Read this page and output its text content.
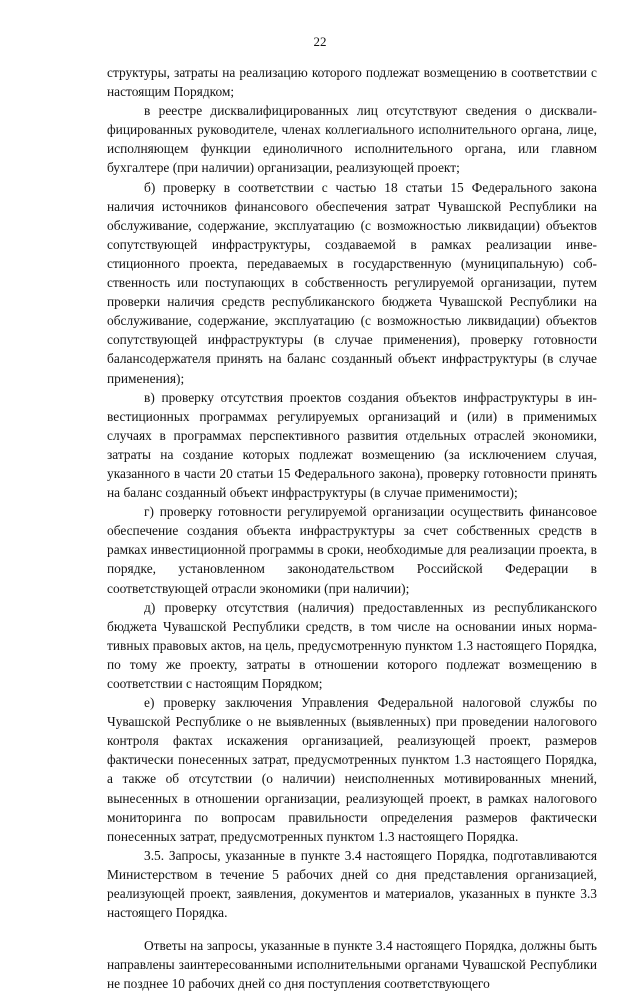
22

структуры, затраты на реализацию которого подлежат возмещению в соответствии с настоящим Порядком;

в реестре дисквалифицированных лиц отсутствуют сведения о дисквалифицированных руководителе, членах коллегиального исполнительного органа, лице, исполняющем функции единоличного исполнительного органа, или главном бухгалтере (при наличии) организации, реализующей проект;

б) проверку в соответствии с частью 18 статьи 15 Федерального закона наличия источников финансового обеспечения затрат Чувашской Республики на обслуживание, содержание, эксплуатацию (с возможностью ликвидации) объектов сопутствующей инфраструктуры, создаваемой в рамках реализации инвестиционного проекта, передаваемых в государственную (муниципальную) собственность или поступающих в собственность регулируемой организации, путем проверки наличия средств республиканского бюджета Чувашской Республики на обслуживание, содержание, эксплуатацию (с возможностью ликвидации) объектов сопутствующей инфраструктуры (в случае применения), проверку готовности балансодержателя принять на баланс созданный объект инфраструктуры (в случае применения);

в) проверку отсутствия проектов создания объектов инфраструктуры в инвестиционных программах регулируемых организаций и (или) в применимых случаях в программах перспективного развития отдельных отраслей экономики, затраты на создание которых подлежат возмещению (за исключением случая, указанного в части 20 статьи 15 Федерального закона), проверку готовности принять на баланс созданный объект инфраструктуры (в случае применимости);

г) проверку готовности регулируемой организации осуществить финансовое обеспечение создания объекта инфраструктуры за счет собственных средств в рамках инвестиционной программы в сроки, необходимые для реализации проекта, в порядке, установленном законодательством Российской Федерации в соответствующей отрасли экономики (при наличии);

д) проверку отсутствия (наличия) предоставленных из республиканского бюджета Чувашской Республики средств, в том числе на основании иных нормативных правовых актов, на цель, предусмотренную пунктом 1.3 настоящего Порядка, по тому же проекту, затраты в отношении которого подлежат возмещению в соответствии с настоящим Порядком;

е) проверку заключения Управления Федеральной налоговой службы по Чувашской Республике о не выявленных (выявленных) при проведении налогового контроля фактах искажения организацией, реализующей проект, размеров фактически понесенных затрат, предусмотренных пунктом 1.3 настоящего Порядка, а также об отсутствии (о наличии) неисполненных мотивированных мнений, вынесенных в отношении организации, реализующей проект, в рамках налогового мониторинга по вопросам правильности определения размеров фактически понесенных затрат, предусмотренных пунктом 1.3 настоящего Порядка.

3.5. Запросы, указанные в пункте 3.4 настоящего Порядка, подготавливаются Министерством в течение 5 рабочих дней со дня представления организацией, реализующей проект, заявления, документов и материалов, указанных в пункте 3.3 настоящего Порядка.

Ответы на запросы, указанные в пункте 3.4 настоящего Порядка, должны быть направлены заинтересованными исполнительными органами Чувашской Республики не позднее 10 рабочих дней со дня поступления соответствующего
